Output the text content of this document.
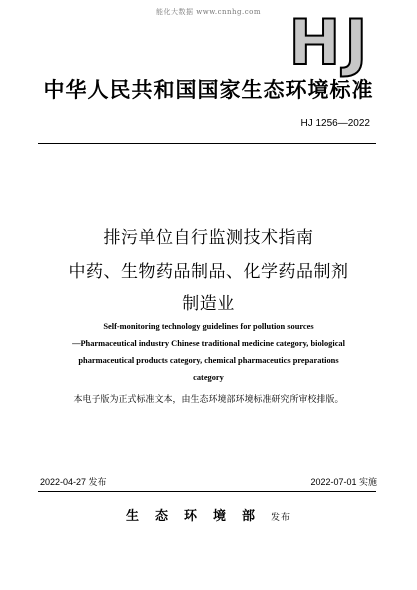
能化大数据 www.cnnhg.com HJ
中华人民共和国国家生态环境标准
HJ 1256—2022
排污单位自行监测技术指南
中药、生物药品制品、化学药品制剂
制造业
Self-monitoring technology guidelines for pollution sources
—Pharmaceutical industry Chinese traditional medicine category, biological
pharmaceutical products category, chemical pharmaceutics preparations
category
本电子版为正式标准文本，由生态环境部环境标准研究所审校排版。
2022-04-27 发布	2022-07-01 实施
生态环境部发布
